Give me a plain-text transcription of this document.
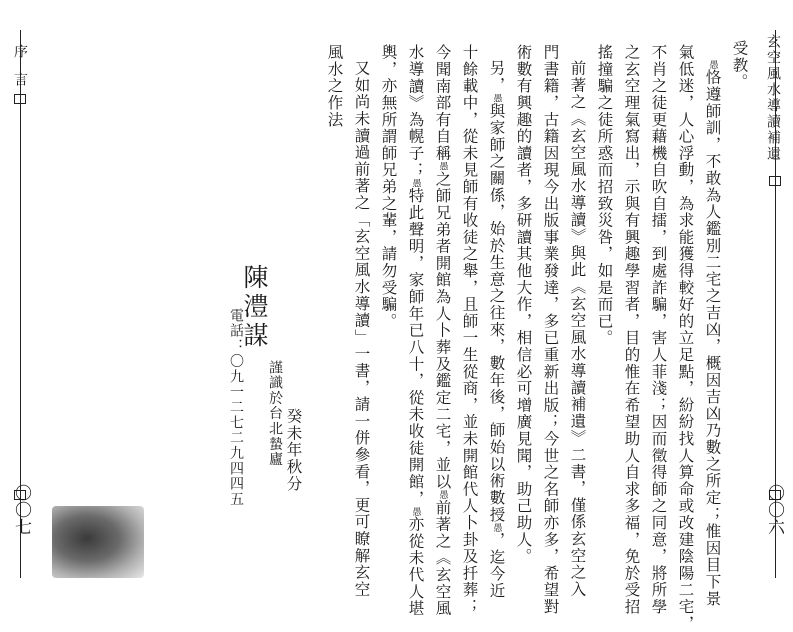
玄空風水導讀補遺
〇〇六
序言
〇〇七

受教。

愚恪遵師訓，不敢為人鑑別二宅之吉凶，概因吉凶乃數之所定；惟因目下景

氣低迷，人心浮動，為求能獲得較好的立足點，紛紛找人算命或改建陰陽二宅，

不肖之徒更藉機自吹自擂，到處詐騙，害人菲淺；因而徵得師之同意，將所學

之玄空理氣寫出，示與有興趣學習者，目的惟在希望助人自求多福，免於受招

搖撞騙之徒所惑而招致災咎，如是而已。

前著之《玄空風水導讀》與此《玄空風水導讀補遺》二書，僅係玄空之入

門書籍，古籍因現今出版事業發達，多已重新出版；今世之名師亦多，希望對

術數有興趣的讀者，多研讀其他大作，相信必可增廣見聞，助己助人。

另，愚與家師之關係，始於生意之往來，數年後，師始以術數授愚，迄今近

十餘載中，從未見師有收徒之舉，且師一生從商，並未開館代人卜卦及扦葬；

今聞南部有自稱愚之師兄弟者開館為人卜葬及鑑定二宅，並以愚前著之《玄空風

水導讀》為幌子；愚特此聲明，家師年已八十，從未收徒開館，愚亦從未代人堪

輿，亦無所謂師兄弟之輩，請勿受騙。

又如尚未讀過前著之「玄空風水導讀」一書，請一併參看，更可瞭解玄空

風水之作法

癸未年秋分

謹識於台北蟄廬

陳澧謀

電話：〇九一二七二九四四五
